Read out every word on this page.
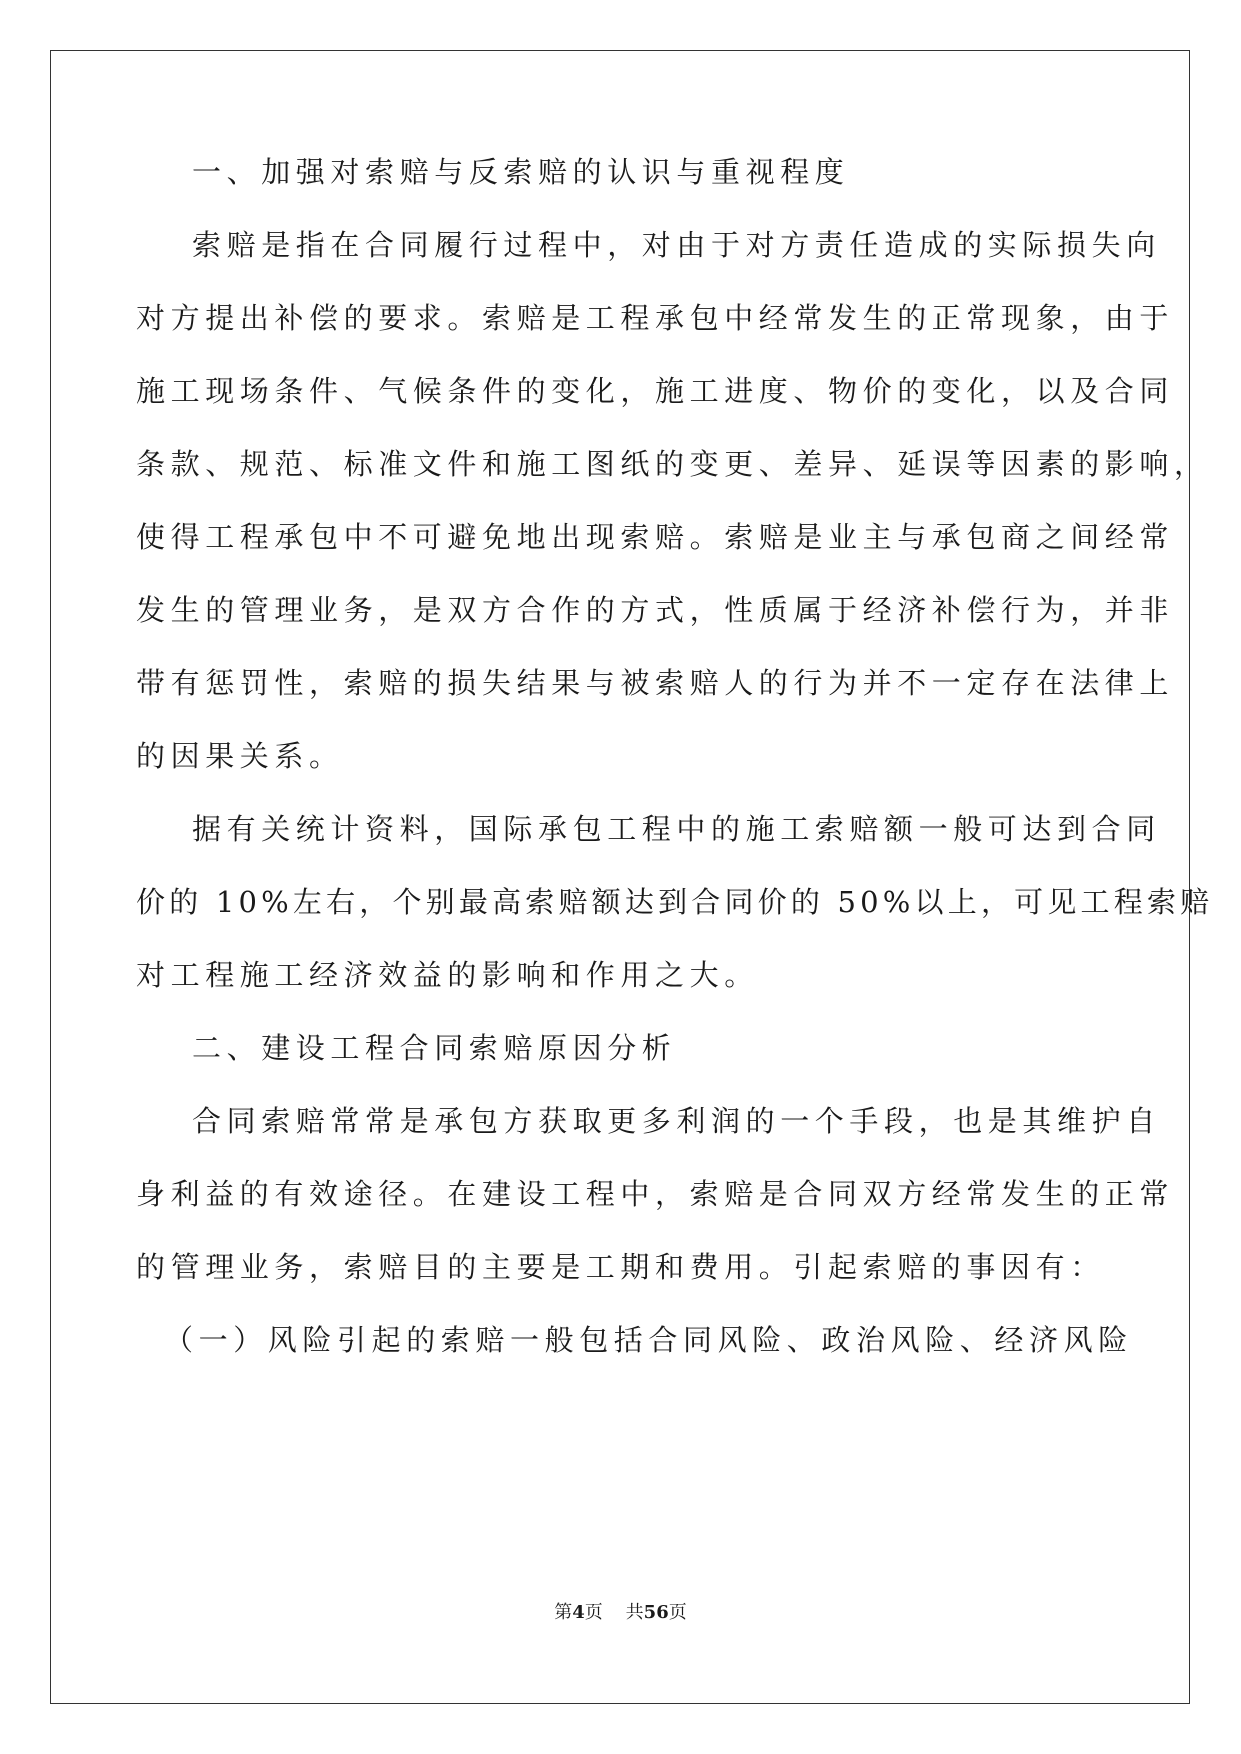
一、加强对索赔与反索赔的认识与重视程度
索赔是指在合同履行过程中，对由于对方责任造成的实际损失向
对方提出补偿的要求。索赔是工程承包中经常发生的正常现象，由于
施工现场条件、气候条件的变化，施工进度、物价的变化，以及合同
条款、规范、标准文件和施工图纸的变更、差异、延误等因素的影响，
使得工程承包中不可避免地出现索赔。索赔是业主与承包商之间经常
发生的管理业务，是双方合作的方式，性质属于经济补偿行为，并非
带有惩罚性，索赔的损失结果与被索赔人的行为并不一定存在法律上
的因果关系。
据有关统计资料，国际承包工程中的施工索赔额一般可达到合同
价的 10%左右，个别最高索赔额达到合同价的 50%以上，可见工程索赔
对工程施工经济效益的影响和作用之大。
二、建设工程合同索赔原因分析
合同索赔常常是承包方获取更多利润的一个手段，也是其维护自
身利益的有效途径。在建设工程中，索赔是合同双方经常发生的正常
的管理业务，索赔目的主要是工期和费用。引起索赔的事因有：
（一）风险引起的索赔一般包括合同风险、政治风险、经济风险
第4页    共56页
